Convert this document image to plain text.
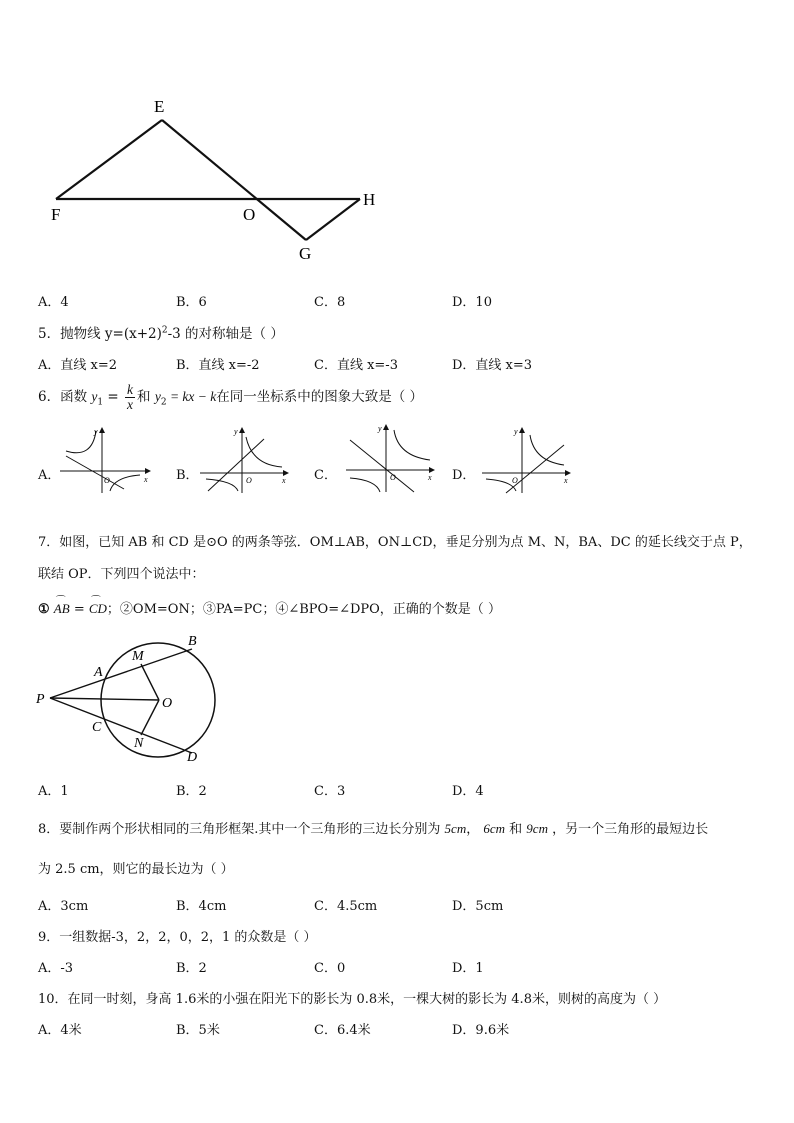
E
F	O
H
G
A．4	B．6	C．8	D．10
5．抛物线 $y=(x+2)^2-3$ 的对称轴是（ ）
A．直线 x=2	B．直线 x=-2	C．直线 x=-3	D．直线 x=3
6．函数 $y_1 = \frac{k}{x}$ 和 $y_2$ = kx − k在同一坐标系中的图象大致是（ ）
A．	B．	C．	D．
x
y
O	x
y
O	x
y
O	x
y
O
7．如图，已知 AB 和 CD 是⊙O 的两条等弦．OM⊥AB，ON⊥CD，垂足分别为点 M、N，BA、DC 的延长线交于点 P，
联结 OP．下列四个说法中：
① ⌒ AB = ⌒ CD；②OM=ON；③PA=PC；④∠BPO=∠DPO，正确的个数是（ ）
P
A
M
B
O
C
N
D
A．1	B．2	C．3	D．4
8．要制作两个形状相同的三角形框架.其中一个三角形的三边长分别为 5cm， 6cm 和 9cm ，另一个三角形的最短边长
为 2.5 cm，则它的最长边为（ ）
A．3cm	B．4cm	C．4.5cm	D．5cm
9．一组数据-3，2，2，0，2，1 的众数是（ ）
A．-3	B．2	C．0	D．1
10．在同一时刻，身高 1.6米的小强在阳光下的影长为 0.8米，一棵大树的影长为 4.8米，则树的高度为（ ）
A．4米	B．5米	C．6.4米	D．9.6米
